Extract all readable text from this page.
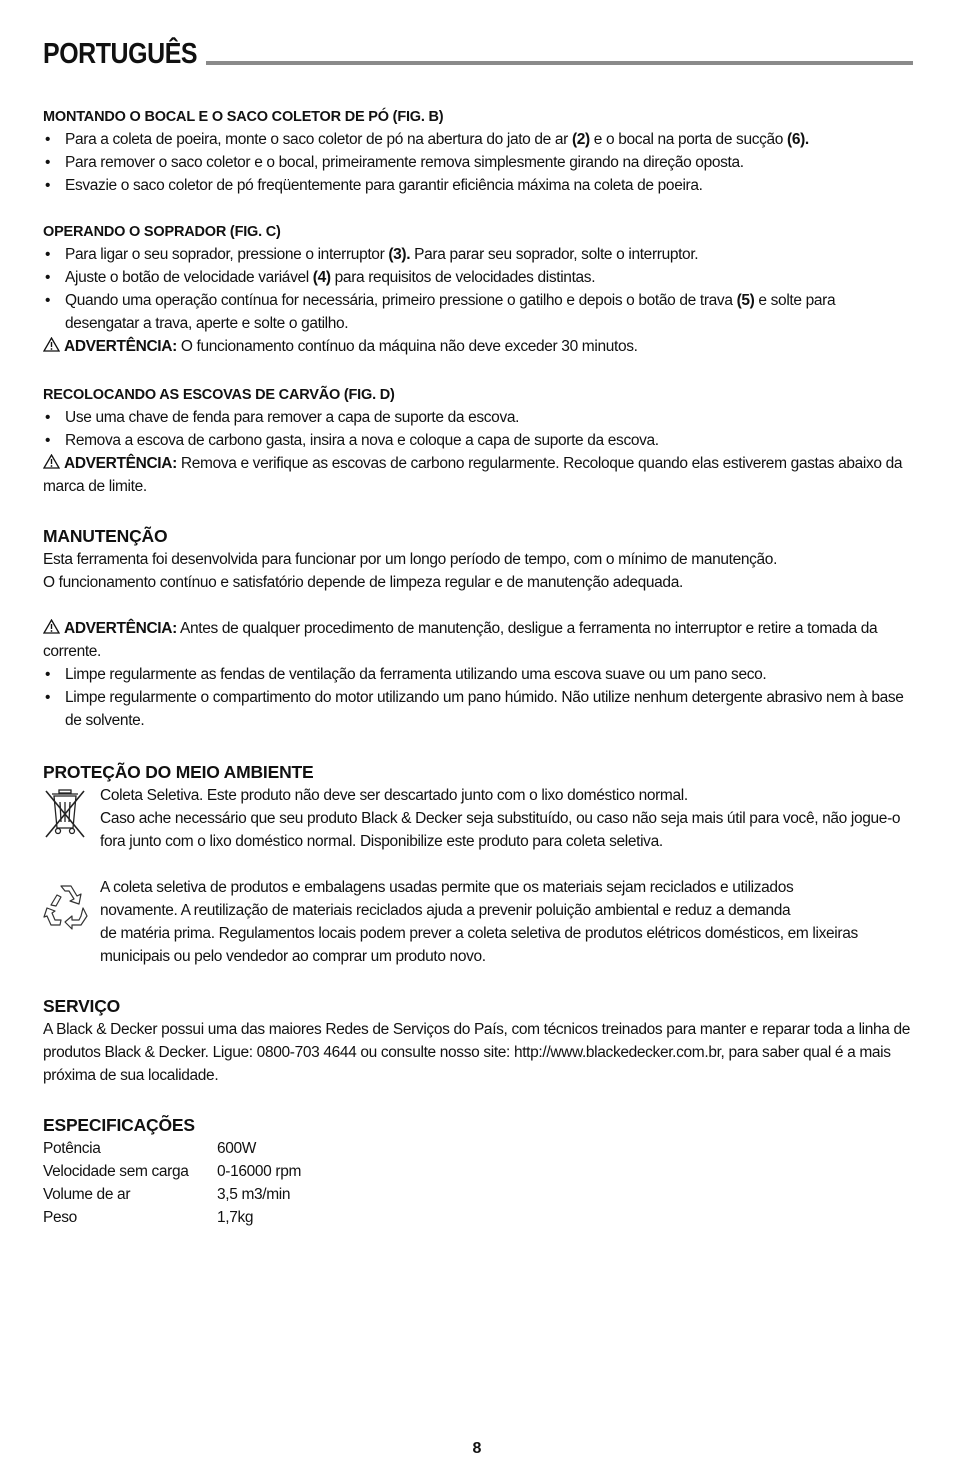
PORTUGUÊS
MONTANDO O BOCAL E O SACO COLETOR DE PÓ (FIG. B)
• Para a coleta de poeira, monte o saco coletor de pó na abertura do jato de ar (2) e o bocal na porta de sucção (6).
• Para remover o saco coletor e o bocal, primeiramente remova simplesmente girando na direção oposta.
• Esvazie o saco coletor de pó freqüentemente para garantir eficiência máxima na coleta de poeira.
OPERANDO O SOPRADOR (FIG. C)
• Para ligar o seu soprador, pressione o interruptor (3). Para parar seu soprador, solte o interruptor.
• Ajuste o botão de velocidade variável (4) para requisitos de velocidades distintas.
• Quando uma operação contínua for necessária, primeiro pressione o gatilho e depois o botão de trava (5) e solte para desengatar a trava, aperte e solte o gatilho.
ADVERTÊNCIA: O funcionamento contínuo da máquina não deve exceder 30 minutos.
RECOLOCANDO AS ESCOVAS DE CARVÃO (FIG. D)
• Use uma chave de fenda para remover a capa de suporte da escova.
• Remova a escova de carbono gasta, insira a nova e coloque a capa de suporte da escova.
ADVERTÊNCIA: Remova e verifique as escovas de carbono regularmente. Recoloque quando elas estiverem gastas abaixo da marca de limite.
MANUTENÇÃO
Esta ferramenta foi desenvolvida para funcionar por um longo período de tempo, com o mínimo de manutenção.
O funcionamento contínuo e satisfatório depende de limpeza regular e de manutenção adequada.
ADVERTÊNCIA: Antes de qualquer procedimento de manutenção, desligue a ferramenta no interruptor e retire a tomada da corrente.
• Limpe regularmente as fendas de ventilação da ferramenta utilizando uma escova suave ou um pano seco.
• Limpe regularmente o compartimento do motor utilizando um pano húmido. Não utilize nenhum detergente abrasivo nem à base de solvente.
PROTEÇÃO DO MEIO AMBIENTE
Coleta Seletiva. Este produto não deve ser descartado junto com o lixo doméstico normal.
Caso ache necessário que seu produto Black & Decker seja substituído, ou caso não seja mais útil para você, não jogue-o fora junto com o lixo doméstico normal. Disponibilize este produto para coleta seletiva.
A coleta seletiva de produtos e embalagens usadas permite que os materiais sejam reciclados e utilizados
novamente. A reutilização de materiais reciclados ajuda a prevenir poluição ambiental e reduz a demanda
de matéria prima. Regulamentos locais podem prever a coleta seletiva de produtos elétricos domésticos, em lixeiras
municipais ou pelo vendedor ao comprar um produto novo.
SERVIÇO
A Black & Decker possui uma das maiores Redes de Serviços do País, com técnicos treinados para manter e reparar toda a linha de produtos Black & Decker. Ligue: 0800-703 4644 ou consulte nosso site: http://www.blackedecker.com.br, para saber qual é a mais próxima de sua localidade.
ESPECIFICAÇÕES
Potência	600W
Velocidade sem carga	0-16000 rpm
Volume de ar	3,5 m3/min
Peso	1,7kg
8
